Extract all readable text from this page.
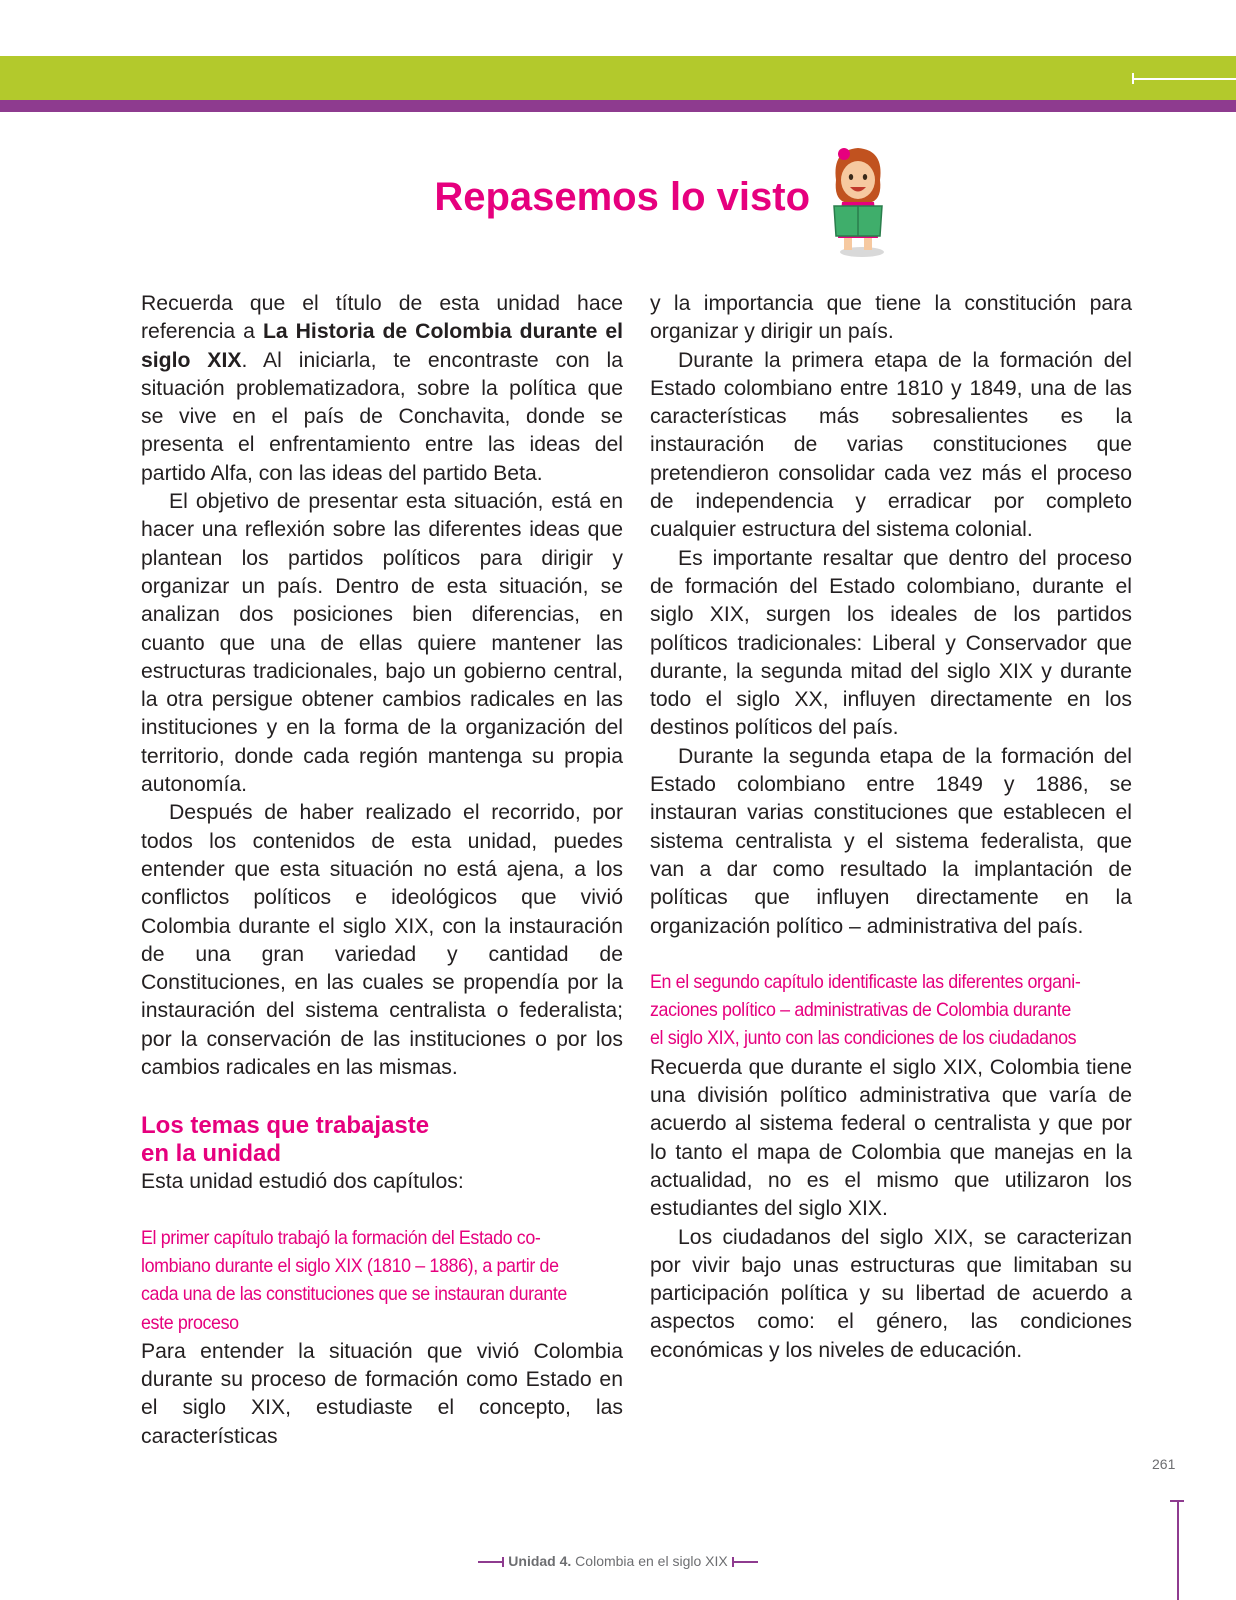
Repasemos lo visto

Recuerda que el título de esta unidad hace referencia a La Historia de Colombia durante el siglo XIX. Al iniciarla, te encontraste con la situación problematizadora, sobre la política que se vive en el país de Conchavita, donde se presenta el enfrentamiento entre las ideas del partido Alfa, con las ideas del partido Beta.

El objetivo de presentar esta situación, está en hacer una reflexión sobre las diferentes ideas que plantean los partidos políticos para dirigir y organizar un país. Dentro de esta situación, se analizan dos posiciones bien diferencias, en cuanto que una de ellas quiere mantener las estructuras tradicionales, bajo un gobierno central, la otra persigue obtener cambios radicales en las instituciones y en la forma de la organización del territorio, donde cada región mantenga su propia autonomía.

Después de haber realizado el recorrido, por todos los contenidos de esta unidad, puedes entender que esta situación no está ajena, a los conflictos políticos e ideológicos que vivió Colombia durante el siglo XIX, con la instauración de una gran variedad y cantidad de Constituciones, en las cuales se propendía por la instauración del sistema centralista o federalista; por la conservación de las instituciones o por los cambios radicales en las mismas.

Los temas que trabajaste
en la unidad

Esta unidad estudió dos capítulos:

El primer capítulo trabajó la formación del Estado co-
lombiano durante el siglo XIX (1810 – 1886), a partir de
cada una de las constituciones que se instauran durante
este proceso

Para entender la situación que vivió Colombia durante su proceso de formación como Estado en el siglo XIX, estudiaste el concepto, las características

y la importancia que tiene la constitución para organizar y dirigir un país.

Durante la primera etapa de la formación del Estado colombiano entre 1810 y 1849, una de las características más sobresalientes es la instauración de varias constituciones que pretendieron consolidar cada vez más el proceso de independencia y erradicar por completo cualquier estructura del sistema colonial.

Es importante resaltar que dentro del proceso de formación del Estado colombiano, durante el siglo XIX, surgen los ideales de los partidos políticos tradicionales: Liberal y Conservador que durante, la segunda mitad del siglo XIX y durante todo el siglo XX, influyen directamente en los destinos políticos del país.

Durante la segunda etapa de la formación del Estado colombiano entre 1849 y 1886, se instauran varias constituciones que establecen el sistema centralista y el sistema federalista, que van a dar como resultado la implantación de políticas que influyen directamente en la organización político – administrativa del país.

En el segundo capítulo identificaste las diferentes organi-
zaciones político – administrativas de Colombia durante
el siglo XIX, junto con las condiciones de los ciudadanos

Recuerda que durante el siglo XIX, Colombia tiene una división político administrativa que varía de acuerdo al sistema federal o centralista y que por lo tanto el mapa de Colombia que manejas en la actualidad, no es el mismo que utilizaron los estudiantes del siglo XIX.

Los ciudadanos del siglo XIX, se caracterizan por vivir bajo unas estructuras que limitaban su participación política y su libertad de acuerdo a aspectos como: el género, las condiciones económicas y los niveles de educación.

261
Unidad 4. Colombia en el siglo XIX
